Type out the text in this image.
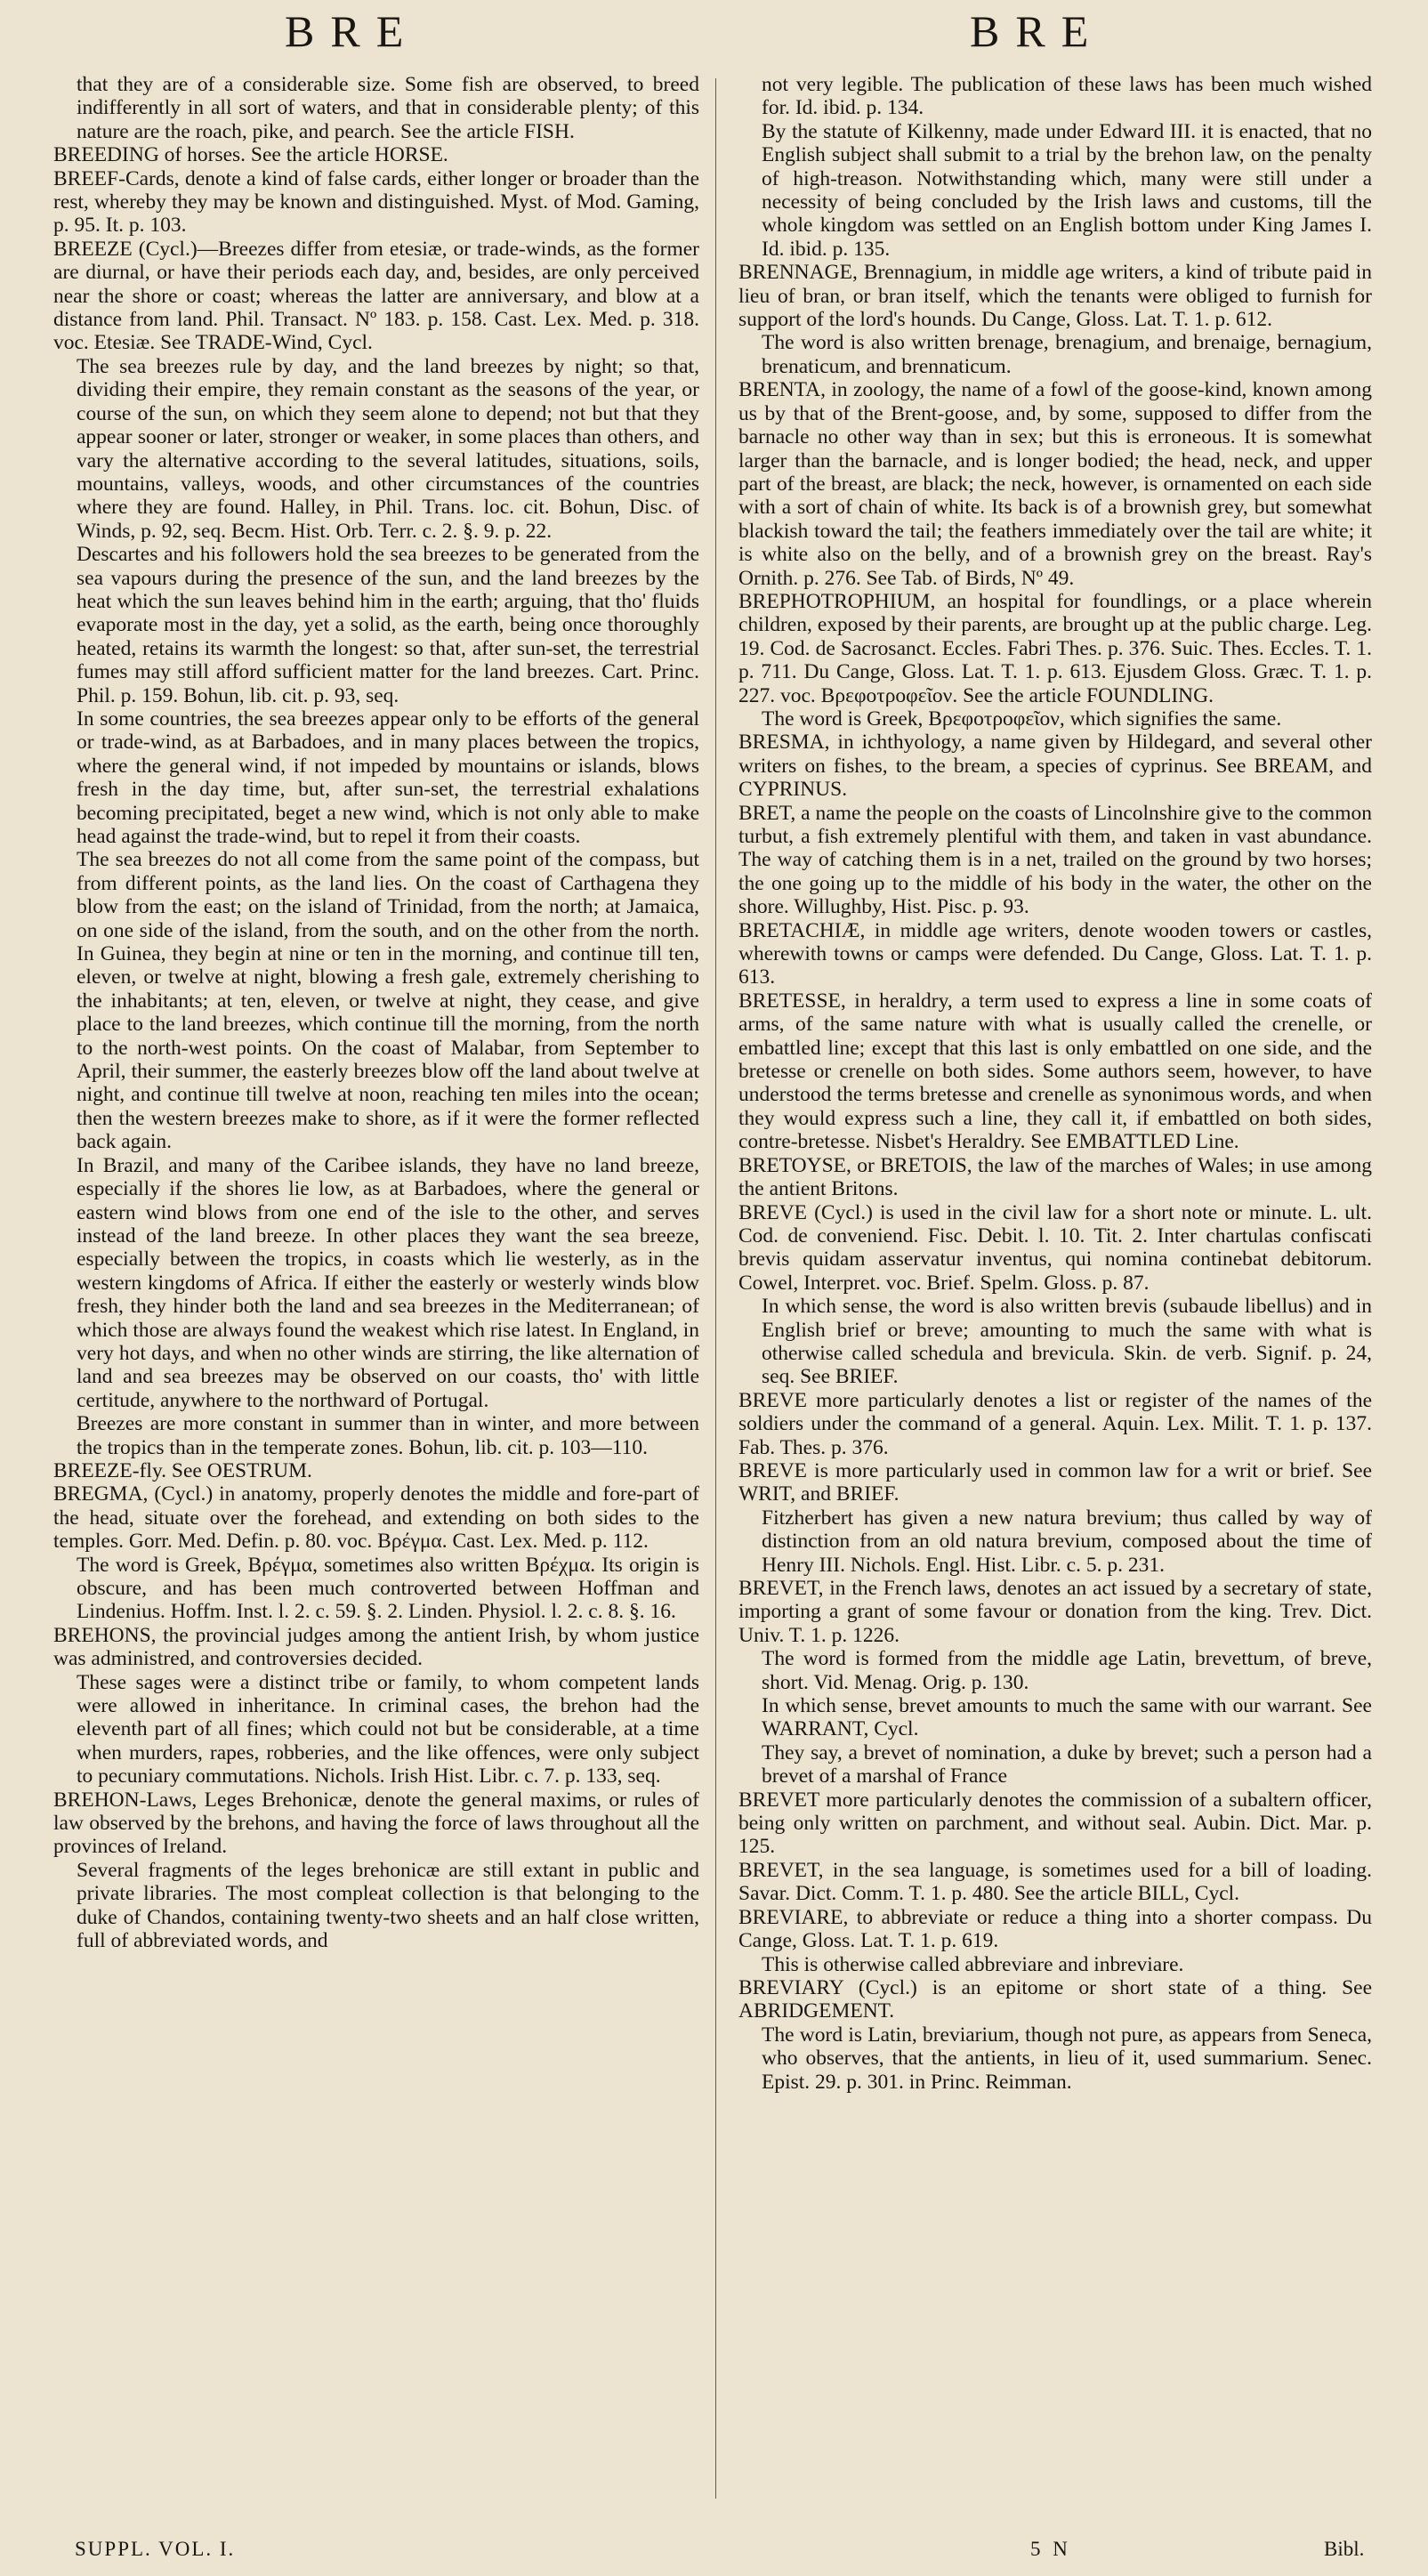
BRE	BRE

that they are of a considerable size. Some fish are observed, to breed indifferently in all sort of waters, and that in considerable plenty; of this nature are the roach, pike, and pearch. See the article FISH.

BREEDING of horses. See the article HORSE.

BREEF-Cards, denote a kind of false cards, either longer or broader than the rest, whereby they may be known and distinguished. Myst. of Mod. Gaming, p. 95. It. p. 103.

BREEZE (Cycl.)—Breezes differ from etesiæ, or trade-winds, as the former are diurnal, or have their periods each day, and, besides, are only perceived near the shore or coast; whereas the latter are anniversary, and blow at a distance from land. Phil. Transact. Nº 183. p. 158. Cast. Lex. Med. p. 318. voc. Etesiæ. See TRADE-Wind, Cycl.

The sea breezes rule by day, and the land breezes by night; so that, dividing their empire, they remain constant as the seasons of the year, or course of the sun, on which they seem alone to depend; not but that they appear sooner or later, stronger or weaker, in some places than others, and vary the alternative according to the several latitudes, situations, soils, mountains, valleys, woods, and other circumstances of the countries where they are found. Halley, in Phil. Trans. loc. cit. Bohun, Disc. of Winds, p. 92, seq. Becm. Hist. Orb. Terr. c. 2. §. 9. p. 22.

Descartes and his followers hold the sea breezes to be generated from the sea vapours during the presence of the sun, and the land breezes by the heat which the sun leaves behind him in the earth; arguing, that tho' fluids evaporate most in the day, yet a solid, as the earth, being once thoroughly heated, retains its warmth the longest: so that, after sun-set, the terrestrial fumes may still afford sufficient matter for the land breezes. Cart. Princ. Phil. p. 159. Bohun, lib. cit. p. 93, seq.

In some countries, the sea breezes appear only to be efforts of the general or trade-wind, as at Barbadoes, and in many places between the tropics, where the general wind, if not impeded by mountains or islands, blows fresh in the day time, but, after sun-set, the terrestrial exhalations becoming precipitated, beget a new wind, which is not only able to make head against the trade-wind, but to repel it from their coasts.

The sea breezes do not all come from the same point of the compass, but from different points, as the land lies. On the coast of Carthagena they blow from the east; on the island of Trinidad, from the north; at Jamaica, on one side of the island, from the south, and on the other from the north. In Guinea, they begin at nine or ten in the morning, and continue till ten, eleven, or twelve at night, blowing a fresh gale, extremely cherishing to the inhabitants; at ten, eleven, or twelve at night, they cease, and give place to the land breezes, which continue till the morning, from the north to the north-west points. On the coast of Malabar, from September to April, their summer, the easterly breezes blow off the land about twelve at night, and continue till twelve at noon, reaching ten miles into the ocean; then the western breezes make to shore, as if it were the former reflected back again.

In Brazil, and many of the Caribee islands, they have no land breeze, especially if the shores lie low, as at Barbadoes, where the general or eastern wind blows from one end of the isle to the other, and serves instead of the land breeze. In other places they want the sea breeze, especially between the tropics, in coasts which lie westerly, as in the western kingdoms of Africa. If either the easterly or westerly winds blow fresh, they hinder both the land and sea breezes in the Mediterranean; of which those are always found the weakest which rise latest. In England, in very hot days, and when no other winds are stirring, the like alternation of land and sea breezes may be observed on our coasts, tho' with little certitude, anywhere to the northward of Portugal.

Breezes are more constant in summer than in winter, and more between the tropics than in the temperate zones. Bohun, lib. cit. p. 103—110.

BREEZE-fly. See OESTRUM.

BREGMA, (Cycl.) in anatomy, properly denotes the middle and fore-part of the head, situate over the forehead, and extending on both sides to the temples. Gorr. Med. Defin. p. 80. voc. Βρέγμα. Cast. Lex. Med. p. 112.

The word is Greek, Βρέγμα, sometimes also written Βρέχμα. Its origin is obscure, and has been much controverted between Hoffman and Lindenius. Hoffm. Inst. l. 2. c. 59. §. 2. Linden. Physiol. l. 2. c. 8. §. 16.

BREHONS, the provincial judges among the antient Irish, by whom justice was administred, and controversies decided.

These sages were a distinct tribe or family, to whom competent lands were allowed in inheritance. In criminal cases, the brehon had the eleventh part of all fines; which could not but be considerable, at a time when murders, rapes, robberies, and the like offences, were only subject to pecuniary commutations. Nichols. Irish Hist. Libr. c. 7. p. 133, seq.

BREHON-Laws, Leges Brehonicæ, denote the general maxims, or rules of law observed by the brehons, and having the force of laws throughout all the provinces of Ireland.

Several fragments of the leges brehonicæ are still extant in public and private libraries. The most compleat collection is that belonging to the duke of Chandos, containing twenty-two sheets and an half close written, full of abbreviated words, and

not very legible. The publication of these laws has been much wished for. Id. ibid. p. 134.

By the statute of Kilkenny, made under Edward III. it is enacted, that no English subject shall submit to a trial by the brehon law, on the penalty of high-treason. Notwithstanding which, many were still under a necessity of being concluded by the Irish laws and customs, till the whole kingdom was settled on an English bottom under King James I. Id. ibid. p. 135.

BRENNAGE, Brennagium, in middle age writers, a kind of tribute paid in lieu of bran, or bran itself, which the tenants were obliged to furnish for support of the lord's hounds. Du Cange, Gloss. Lat. T. 1. p. 612.

The word is also written brenage, brenagium, and brenaige, bernagium, brenaticum, and brennaticum.

BRENTA, in zoology, the name of a fowl of the goose-kind, known among us by that of the Brent-goose, and, by some, supposed to differ from the barnacle no other way than in sex; but this is erroneous. It is somewhat larger than the barnacle, and is longer bodied; the head, neck, and upper part of the breast, are black; the neck, however, is ornamented on each side with a sort of chain of white. Its back is of a brownish grey, but somewhat blackish toward the tail; the feathers immediately over the tail are white; it is white also on the belly, and of a brownish grey on the breast. Ray's Ornith. p. 276. See Tab. of Birds, Nº 49.

BREPHOTROPHIUM, an hospital for foundlings, or a place wherein children, exposed by their parents, are brought up at the public charge. Leg. 19. Cod. de Sacrosanct. Eccles. Fabri Thes. p. 376. Suic. Thes. Eccles. T. 1. p. 711. Du Cange, Gloss. Lat. T. 1. p. 613. Ejusdem Gloss. Græc. T. 1. p. 227. voc. Βρεφοτροφεῖον. See the article FOUNDLING.

The word is Greek, Βρεφοτροφεῖον, which signifies the same.

BRESMA, in ichthyology, a name given by Hildegard, and several other writers on fishes, to the bream, a species of cyprinus. See BREAM, and CYPRINUS.

BRET, a name the people on the coasts of Lincolnshire give to the common turbut, a fish extremely plentiful with them, and taken in vast abundance. The way of catching them is in a net, trailed on the ground by two horses; the one going up to the middle of his body in the water, the other on the shore. Willughby, Hist. Pisc. p. 93.

BRETACHIÆ, in middle age writers, denote wooden towers or castles, wherewith towns or camps were defended. Du Cange, Gloss. Lat. T. 1. p. 613.

BRETESSE, in heraldry, a term used to express a line in some coats of arms, of the same nature with what is usually called the crenelle, or embattled line; except that this last is only embattled on one side, and the bretesse or crenelle on both sides. Some authors seem, however, to have understood the terms bretesse and crenelle as synonimous words, and when they would express such a line, they call it, if embattled on both sides, contre-bretesse. Nisbet's Heraldry. See EMBATTLED Line.

BRETOYSE, or BRETOIS, the law of the marches of Wales; in use among the antient Britons.

BREVE (Cycl.) is used in the civil law for a short note or minute. L. ult. Cod. de conveniend. Fisc. Debit. l. 10. Tit. 2. Inter chartulas confiscati brevis quidam asservatur inventus, qui nomina continebat debitorum. Cowel, Interpret. voc. Brief. Spelm. Gloss. p. 87.

In which sense, the word is also written brevis (subaude libellus) and in English brief or breve; amounting to much the same with what is otherwise called schedula and brevicula. Skin. de verb. Signif. p. 24, seq. See BRIEF.

BREVE more particularly denotes a list or register of the names of the soldiers under the command of a general. Aquin. Lex. Milit. T. 1. p. 137. Fab. Thes. p. 376.

BREVE is more particularly used in common law for a writ or brief. See WRIT, and BRIEF.

Fitzherbert has given a new natura brevium; thus called by way of distinction from an old natura brevium, composed about the time of Henry III. Nichols. Engl. Hist. Libr. c. 5. p. 231.

BREVET, in the French laws, denotes an act issued by a secretary of state, importing a grant of some favour or donation from the king. Trev. Dict. Univ. T. 1. p. 1226.

The word is formed from the middle age Latin, brevettum, of breve, short. Vid. Menag. Orig. p. 130.

In which sense, brevet amounts to much the same with our warrant. See WARRANT, Cycl.

They say, a brevet of nomination, a duke by brevet; such a person had a brevet of a marshal of France

BREVET more particularly denotes the commission of a subaltern officer, being only written on parchment, and without seal. Aubin. Dict. Mar. p. 125.

BREVET, in the sea language, is sometimes used for a bill of loading. Savar. Dict. Comm. T. 1. p. 480. See the article BILL, Cycl.

BREVIARE, to abbreviate or reduce a thing into a shorter compass. Du Cange, Gloss. Lat. T. 1. p. 619.

This is otherwise called abbreviare and inbreviare.

BREVIARY (Cycl.) is an epitome or short state of a thing. See ABRIDGEMENT.

The word is Latin, breviarium, though not pure, as appears from Seneca, who observes, that the antients, in lieu of it, used summarium. Senec. Epist. 29. p. 301. in Princ. Reimman.

SUPPL. VOL. I.	5 N	Bibl.
